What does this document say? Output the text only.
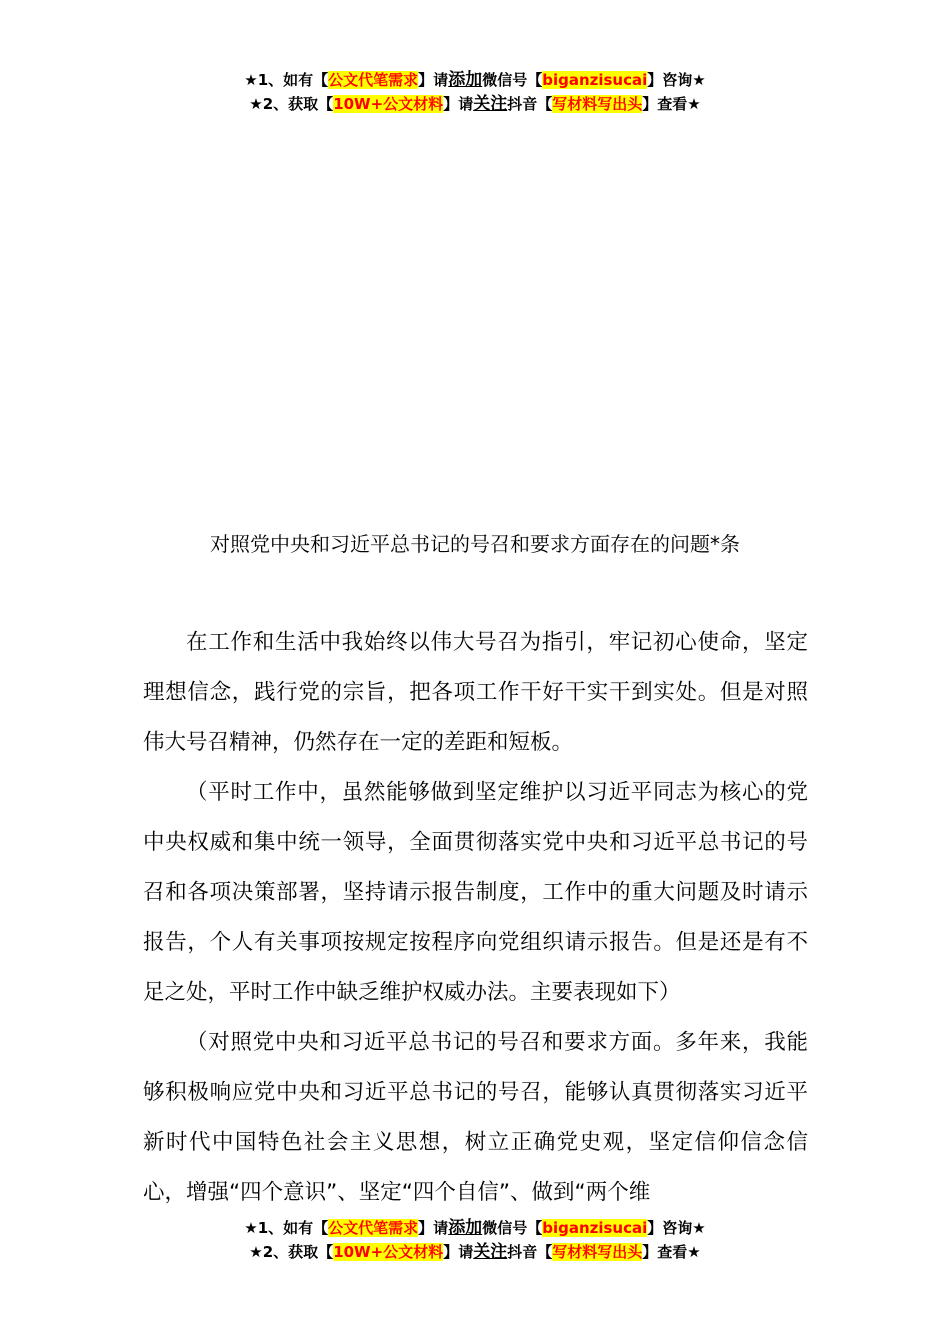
★1、如有【公文代笔需求】请添加微信号【biganzisucai】咨询★
★2、获取【10W+公文材料】请关注抖音【写材料写出头】查看★
对照党中央和习近平总书记的号召和要求方面存在的问题*条

在工作和生活中我始终以伟大号召为指引，牢记初心使命，坚定理想信念，践行党的宗旨，把各项工作干好干实干到实处。但是对照伟大号召精神，仍然存在一定的差距和短板。

（平时工作中，虽然能够做到坚定维护以习近平同志为核心的党中央权威和集中统一领导，全面贯彻落实党中央和习近平总书记的号召和各项决策部署，坚持请示报告制度，工作中的重大问题及时请示报告，个人有关事项按规定按程序向党组织请示报告。但是还是有不足之处，平时工作中缺乏维护权威办法。主要表现如下）

（对照党中央和习近平总书记的号召和要求方面。多年来，我能够积极响应党中央和习近平总书记的号召，能够认真贯彻落实习近平新时代中国特色社会主义思想，树立正确党史观，坚定信仰信念信心，增强“四个意识”、坚定“四个自信”、做到“两个维

★1、如有【公文代笔需求】请添加微信号【biganzisucai】咨询★
★2、获取【10W+公文材料】请关注抖音【写材料写出头】查看★
